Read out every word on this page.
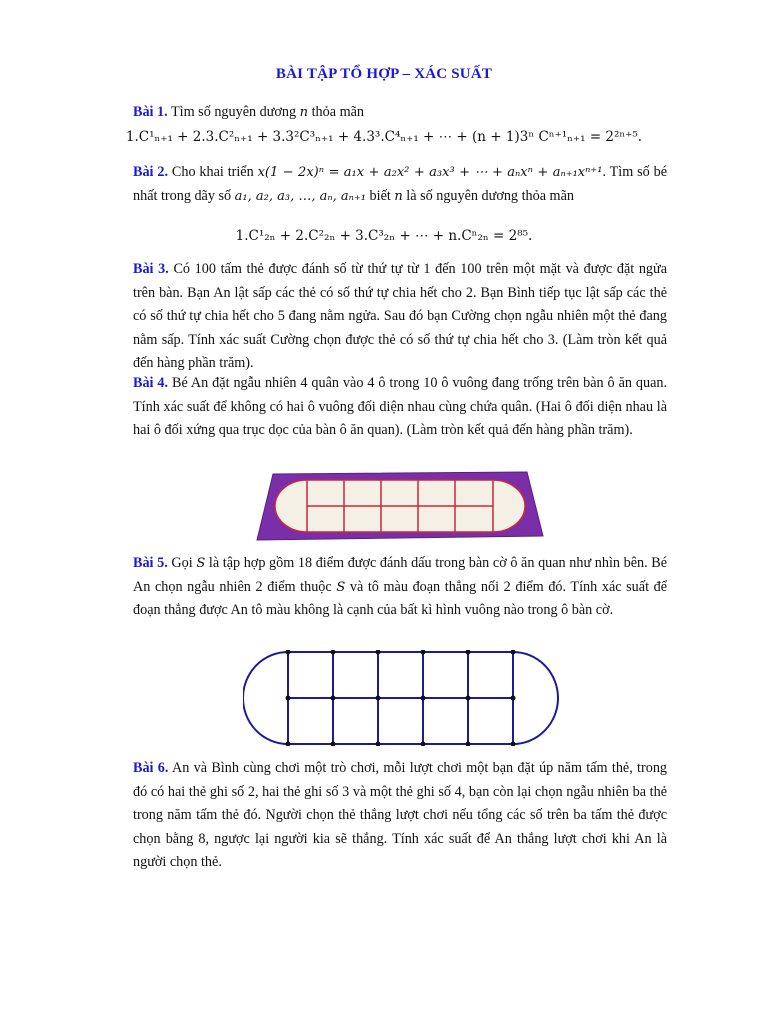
BÀI TẬP TỔ HỢP – XÁC SUẤT
Bài 1. Tìm số nguyên dương n thỏa mãn
1.C¹ₙ₊₁ + 2.3.C²ₙ₊₁ + 3.3²C³ₙ₊₁ + 4.3³.C⁴ₙ₊₁ + ⋯ + (n + 1)3ⁿ Cⁿ⁺¹ₙ₊₁ = 2²ⁿ⁺⁵.
Bài 2. Cho khai triển x(1 − 2x)ⁿ = a₁x + a₂x² + a₃x³ + ⋯ + aₙxⁿ + aₙ₊₁xⁿ⁺¹. Tìm số bé nhất trong dãy số a₁, a₂, a₃, …, aₙ, aₙ₊₁ biết n là số nguyên dương thỏa mãn
1.C¹₂ₙ + 2.C²₂ₙ + 3.C³₂ₙ + ⋯ + n.Cⁿ₂ₙ = 2⁸⁵.
Bài 3. Có 100 tấm thẻ được đánh số từ thứ tự từ 1 đến 100 trên một mặt và được đặt ngửa trên bàn. Bạn An lật sấp các thẻ có số thứ tự chia hết cho 2. Bạn Bình tiếp tục lật sấp các thẻ có số thứ tự chia hết cho 5 đang nằm ngửa. Sau đó bạn Cường chọn ngẫu nhiên một thẻ đang nằm sấp. Tính xác suất Cường chọn được thẻ có số thứ tự chia hết cho 3. (Làm tròn kết quả đến hàng phần trăm).
Bài 4. Bé An đặt ngẫu nhiên 4 quân vào 4 ô trong 10 ô vuông đang trống trên bàn ô ăn quan. Tính xác suất để không có hai ô vuông đối diện nhau cùng chứa quân. (Hai ô đối diện nhau là hai ô đối xứng qua trục dọc của bàn ô ăn quan). (Làm tròn kết quả đến hàng phần trăm).
Bài 5. Gọi S là tập hợp gồm 18 điểm được đánh dấu trong bàn cờ ô ăn quan như nhìn bên. Bé An chọn ngẫu nhiên 2 điểm thuộc S và tô màu đoạn thẳng nối 2 điểm đó. Tính xác suất để đoạn thẳng được An tô màu không là cạnh của bất kì hình vuông nào trong ô bàn cờ.
Bài 6. An và Bình cùng chơi một trò chơi, mỗi lượt chơi một bạn đặt úp năm tấm thẻ, trong đó có hai thẻ ghi số 2, hai thẻ ghi số 3 và một thẻ ghi số 4, bạn còn lại chọn ngẫu nhiên ba thẻ trong năm tấm thẻ đó. Người chọn thẻ thắng lượt chơi nếu tổng các số trên ba tấm thẻ được chọn bằng 8, ngược lại người kia sẽ thắng. Tính xác suất để An thắng lượt chơi khi An là người chọn thẻ.
